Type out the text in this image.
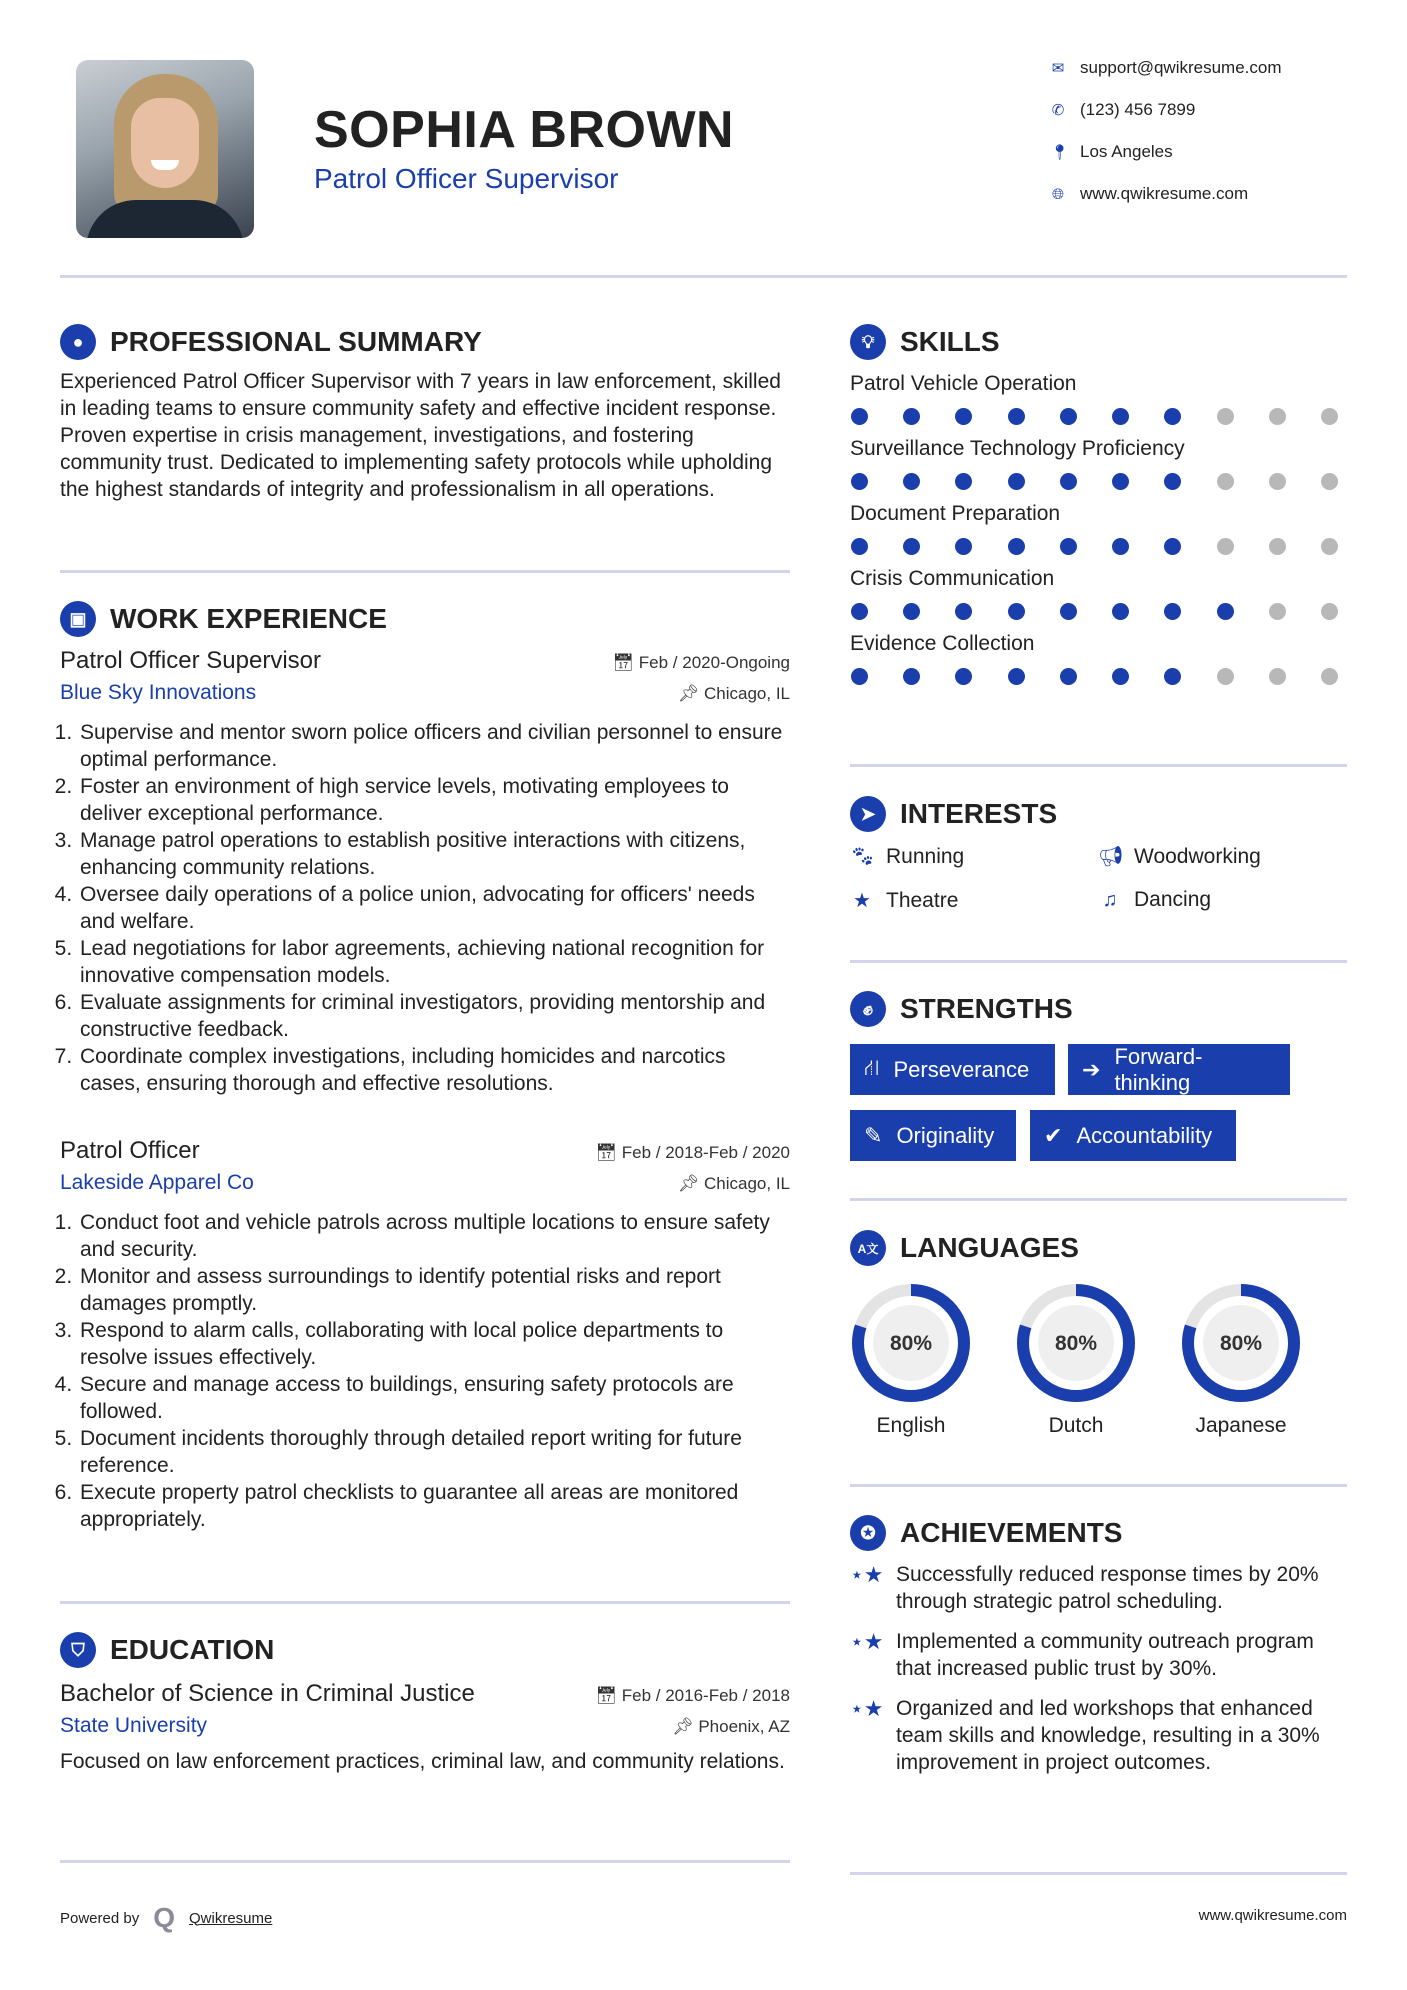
SOPHIA BROWN
Patrol Officer Supervisor
✉ support@qwikresume.com
✆ (123) 456 7899
📍︎ Los Angeles
🌐︎ www.qwikresume.com
● PROFESSIONAL SUMMARY

Experienced Patrol Officer Supervisor with 7 years in law enforcement, skilled in leading teams to ensure community safety and effective incident response. Proven expertise in crisis management, investigations, and fostering community trust. Dedicated to implementing safety protocols while upholding the highest standards of integrity and professionalism in all operations.

▣ WORK EXPERIENCE
Patrol Officer Supervisor	📅︎ Feb / 2020-Ongoing
Blue Sky Innovations	📌︎ Chicago, IL
1. Supervise and mentor sworn police officers and civilian personnel to ensure optimal performance.
2. Foster an environment of high service levels, motivating employees to deliver exceptional performance.
3. Manage patrol operations to establish positive interactions with citizens, enhancing community relations.
4. Oversee daily operations of a police union, advocating for officers' needs and welfare.
5. Lead negotiations for labor agreements, achieving national recognition for innovative compensation models.
6. Evaluate assignments for criminal investigators, providing mentorship and constructive feedback.
7. Coordinate complex investigations, including homicides and narcotics cases, ensuring thorough and effective resolutions.
Patrol Officer	📅︎ Feb / 2018-Feb / 2020
Lakeside Apparel Co	📌︎ Chicago, IL
1. Conduct foot and vehicle patrols across multiple locations to ensure safety and security.
2. Monitor and assess surroundings to identify potential risks and report damages promptly.
3. Respond to alarm calls, collaborating with local police departments to resolve issues effectively.
4. Secure and manage access to buildings, ensuring safety protocols are followed.
5. Document incidents thoroughly through detailed report writing for future reference.
6. Execute property patrol checklists to guarantee all areas are monitored appropriately.
⛉ EDUCATION
Bachelor of Science in Criminal Justice	📅︎ Feb / 2016-Feb / 2018
State University	📌︎ Phoenix, AZ

Focused on law enforcement practices, criminal law, and community relations.

💡︎ SKILLS
Patrol Vehicle Operation
Surveillance Technology Proficiency
Document Preparation
Crisis Communication
Evidence Collection
➤ INTERESTS
🐾︎ Running	📢︎ Woodworking
★ Theatre	♫ Dancing
✊︎ STRENGTHS
⛙ Perseverance ➔
Forward-thinking
✎ Originality ✔ Accountability
A文 LANGUAGES
80%
English
80%
Dutch
80%
Japanese
✪ ACHIEVEMENTS
⋆★ Successfully reduced response times by 20% through strategic patrol scheduling.
⋆★ Implemented a community outreach program that increased public trust by 30%.
⋆★ Organized and led workshops that enhanced team skills and knowledge, resulting in a 30% improvement in project outcomes.
Powered by Q Qwikresume	www.qwikresume.com
